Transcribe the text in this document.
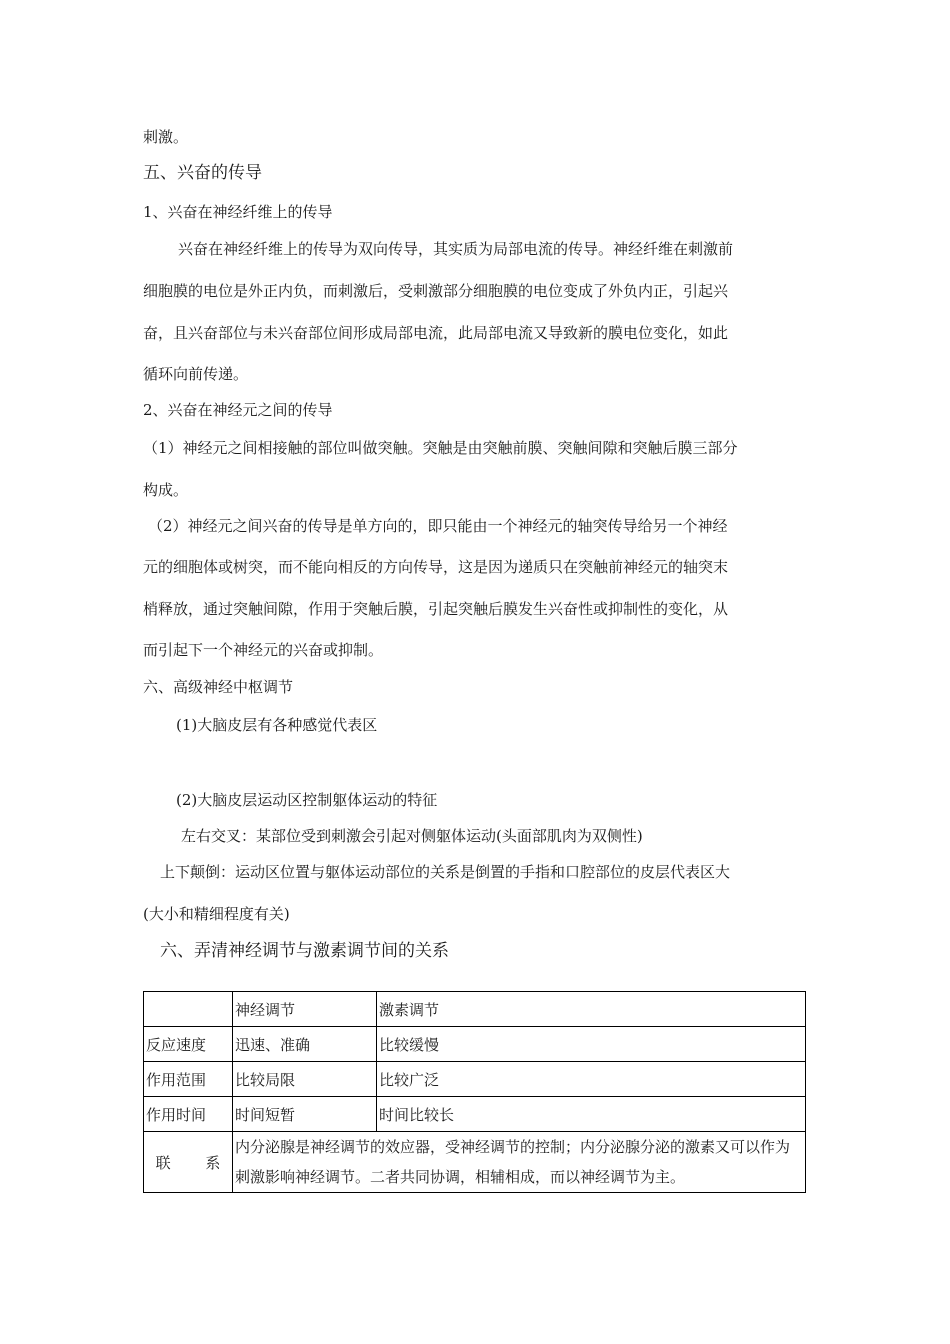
刺激。
五、兴奋的传导
1、兴奋在神经纤维上的传导
兴奋在神经纤维上的传导为双向传导，其实质为局部电流的传导。神经纤维在刺激前
细胞膜的电位是外正内负，而刺激后，受刺激部分细胞膜的电位变成了外负内正，引起兴
奋，且兴奋部位与未兴奋部位间形成局部电流，此局部电流又导致新的膜电位变化，如此
循环向前传递。
2、兴奋在神经元之间的传导
（1）神经元之间相接触的部位叫做突触。突触是由突触前膜、突触间隙和突触后膜三部分
构成。
（2）神经元之间兴奋的传导是单方向的，即只能由一个神经元的轴突传导给另一个神经
元的细胞体或树突，而不能向相反的方向传导，这是因为递质只在突触前神经元的轴突末
梢释放，通过突触间隙，作用于突触后膜，引起突触后膜发生兴奋性或抑制性的变化，从
而引起下一个神经元的兴奋或抑制。
六、高级神经中枢调节
(1)大脑皮层有各种感觉代表区
(2)大脑皮层运动区控制躯体运动的特征
左右交叉：某部位受到刺激会引起对侧躯体运动(头面部肌肉为双侧性)
上下颠倒：运动区位置与躯体运动部位的关系是倒置的手指和口腔部位的皮层代表区大
(大小和精细程度有关)
六、弄清神经调节与激素调节间的关系
	神经调节	激素调节
反应速度	迅速、准确	比较缓慢
作用范围	比较局限	比较广泛
作用时间	时间短暂	时间比较长
联 系	内分泌腺是神经调节的效应器，受神经调节的控制；内分泌腺分泌的激素又可以作为刺激影响神经调节。二者共同协调，相辅相成，而以神经调节为主。	
